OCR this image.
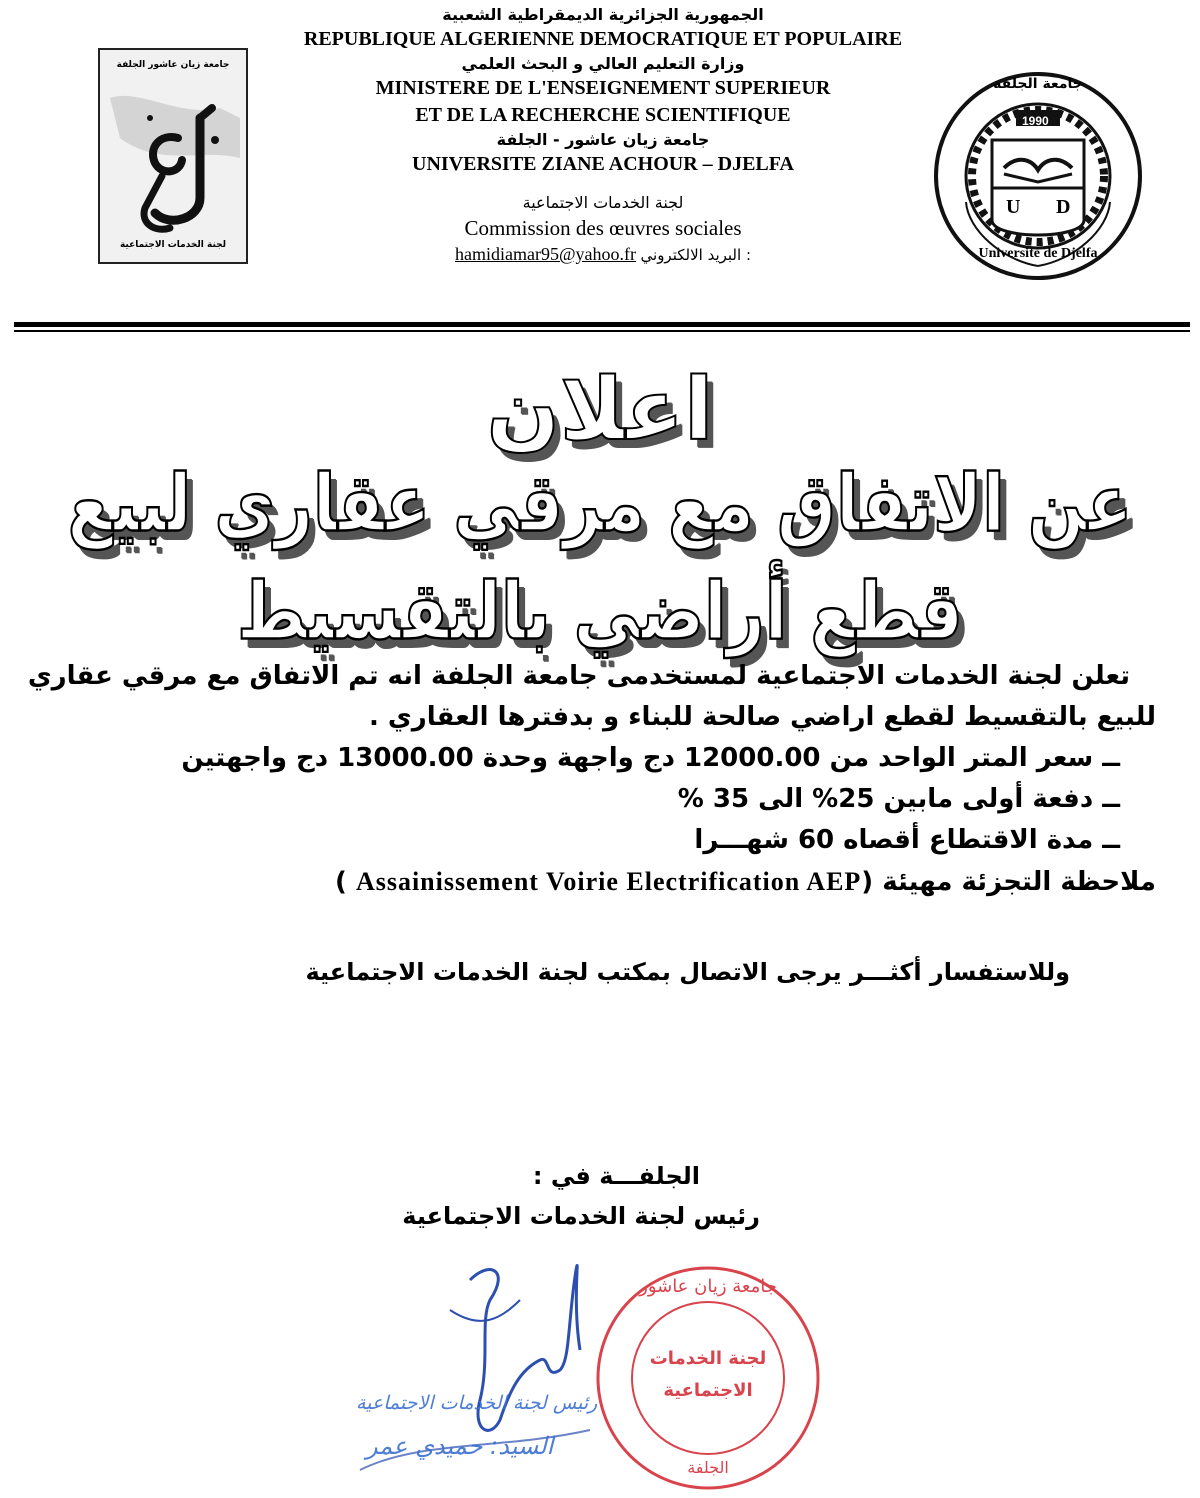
الجمهورية الجزائرية الديمقراطية الشعبية
REPUBLIQUE ALGERIENNE DEMOCRATIQUE ET POPULAIRE
وزارة التعليم العالي و البحث العلمي
MINISTERE DE L'ENSEIGNEMENT SUPERIEUR
ET DE LA RECHERCHE SCIENTIFIQUE
جامعة زيان عاشور - الجلفة
UNIVERSITE ZIANE ACHOUR – DJELFA
لجنة الخدمات الاجتماعية
Commission des œuvres sociales
hamidiamar95@yahoo.fr البريد الالكتروني :
جامعة زيان عاشور الجلفة
لجنة الخدمات الاجتماعية
جامعة الجلفة
1990
U D
Université de Djelfa
اعلان
عن الاتفاق مع مرقي عقاري لبيع قطع أراضي بالتقسيط

تعلن لجنة الخدمات الاجتماعية لمستخدمى جامعة الجلفة انه تم الاتفاق مع مرقي عقاري

للبيع بالتقسيط لقطع اراضي صالحة للبناء و بدفترها العقاري .

ــ سعر المتر الواحد من 12000.00 دج واجهة وحدة 13000.00 دج واجهتين

ــ دفعة أولى مابين 25% الى 35 %

ــ مدة الاقتطاع أقصاه 60 شهـــرا

ملاحظة التجزئة مهيئة (Assainissement Voirie Electrification AEP )

وللاستفسار أكثـــر يرجى الاتصال بمكتب لجنة الخدمات الاجتماعية
الجلفـــة في :
رئيس لجنة الخدمات الاجتماعية
رئيس لجنة الخدمات الاجتماعية
السيد: حميدي عمر
جامعة زيان عاشور
لجنة الخدمات
الاجتماعية
الجلفة
